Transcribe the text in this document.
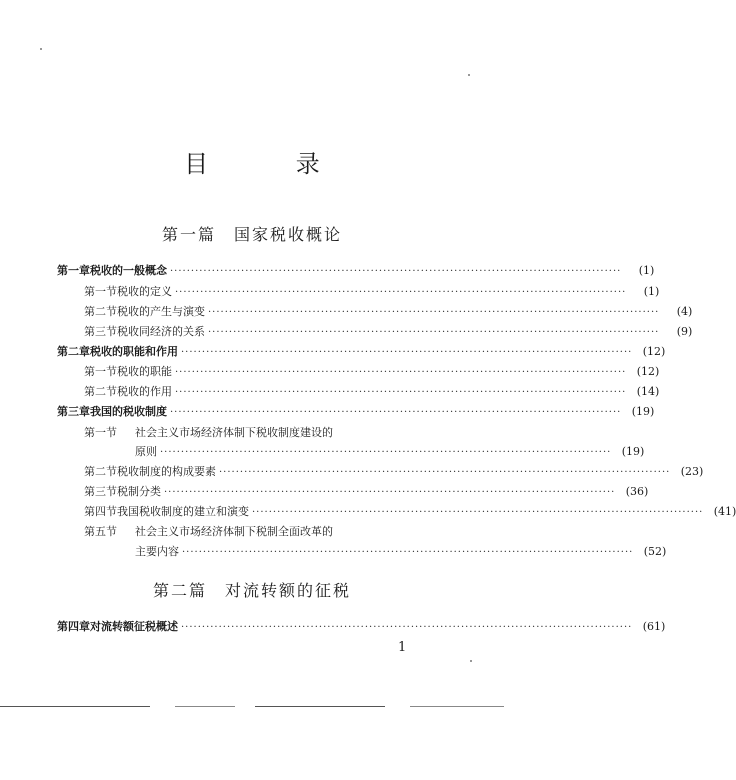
目 录
第一篇 国家税收概论
第一章 税收的一般概念 ············································································································	(1)
第一节 税收的定义 ············································································································	(1)
第二节 税收的产生与演变 ············································································································	(4)
第三节 税收同经济的关系 ············································································································	(9)
第二章 税收的职能和作用 ············································································································ (12)
第一节 税收的职能 ············································································································ (12)
第二节 税收的作用 ············································································································ (14)
第三章 我国的税收制度 ············································································································ (19)
第一节	社会主义市场经济体制下税收制度建设的
原则 ············································································································ (19)
第二节 税收制度的构成要素 ············································································································ (23)
第三节 税制分类 ············································································································ (36)
第四节 我国税收制度的建立和演变 ············································································································ (41)
第五节	社会主义市场经济体制下税制全面改革的
主要内容 ············································································································ (52)
第二篇 对流转额的征税
第四章 对流转额征税概述 ············································································································ (61)
1
